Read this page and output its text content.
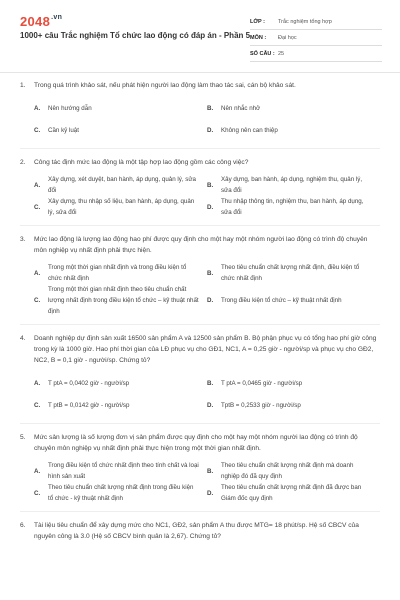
$2048^{.vn}$
1000+ câu Trắc nghiệm Tổ chức lao động có đáp án - Phần 5
LỚP :	Trắc nghiệm tổng hợp
MÔN :	Đại học
SỐ CÂU : 25
1.	Trong quá trình khảo sát, nếu phát hiện người lao động làm thao tác sai, cán bộ khảo sát.
A.	Nên hướng dẫn	B.	Nên nhắc nhở
C.	Cần kỷ luật	D.	Không nên can thiệp
2.	Công tác định mức lao động là một tập hợp lao động gồm các công việc?
A.
Xây dựng, xét duyệt, ban hành, áp dụng, quản lý, sửa đổi
B.
Xây dựng, ban hành, áp dụng, nghiệm thu, quản lý, sửa đổi
C.
Xây dựng, thu nhập số liệu, ban hành, áp dụng, quản lý, sửa đổi
D.
Thu nhập thông tin, nghiệm thu, ban hành, áp dụng, sửa đổi
3.	Mức lao động là lượng lao động hao phí được quy định cho một hay một nhóm người lao động có trình độ chuyên môn nghiệp vụ nhất định phải thực hiện.
A.
Trong một thời gian nhất định và trong điều kiện tổ chức nhất định
B.
Theo tiêu chuẩn chất lượng nhất định, điều kiện tổ chức nhất định
C.
Trong một thời gian nhất định theo tiêu chuẩn chất lượng nhất định trong điều kiện tổ chức – kỹ thuật nhất định
D.	Trong điều kiện tổ chức – kỹ thuật nhất định
4.	Doanh nghiệp dự định sản xuất 16500 sản phẩm A và 12500 sản phẩm B. Bộ phận phục vụ có tổng hao phí giờ công trong kỳ là 1000 giờ. Hao phí thời gian của LĐ phục vụ cho GĐ1, NC1, A = 0,25 giờ - người/sp và phục vụ cho GĐ2, NC2, B = 0,1 giờ - người/sp. Chứng tỏ?
A.	T ptA = 0,0402 giờ - người/sp	B.	T ptA = 0,0465 giờ - người/sp
C.	T ptB = 0,0142 giờ - người/sp	D.	TptB = 0,2533 giờ - người/sp
5.	Mức sản lượng là số lượng đơn vị sản phẩm được quy định cho một hay một nhóm người lao động có trình độ chuyên môn nghiệp vụ nhất định phải thực hiện trong một thời gian nhất định.
A.
Trong điều kiện tổ chức nhất định theo tính chất và loại hình sản xuất
B.
Theo tiêu chuẩn chất lượng nhất định mà doanh nghiệp đó đã quy định
C.
Theo tiêu chuẩn chất lượng nhất định trong điều kiện tổ chức - kỹ thuật nhất định
D.
Theo tiêu chuẩn chất lượng nhất định đã được ban Giám đốc quy định
6.	Tài liệu tiêu chuẩn để xây dựng mức cho NC1, GĐ2, sản phẩm A thu được MTG= 18 phút/sp. Hệ số CBCV của nguyên công là 3.0 (Hệ số CBCV bình quân là 2,67). Chứng tỏ?
